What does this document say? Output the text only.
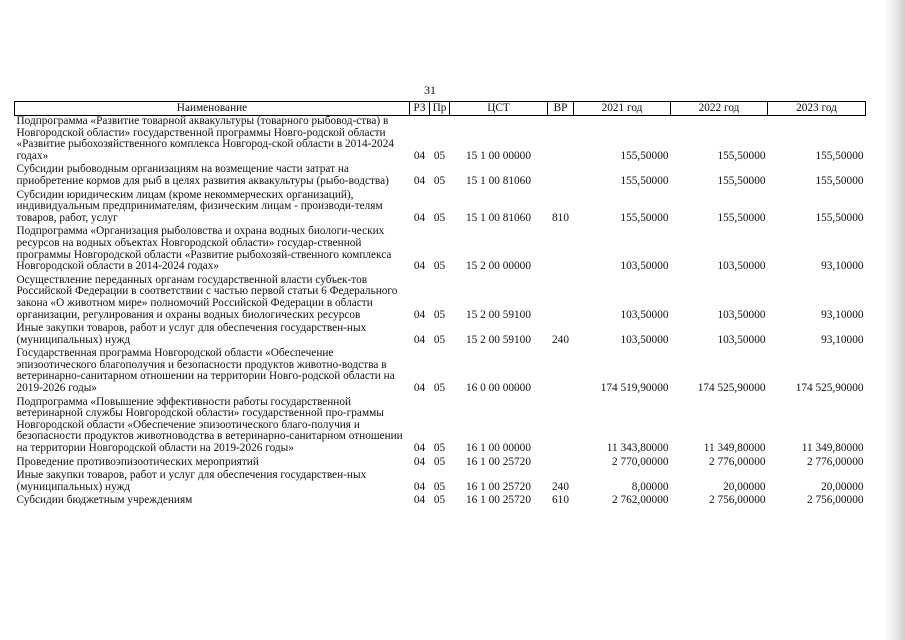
31
Наименование	РЗ	Пр	ЦСТ	ВР	2021 год	2022 год	2023 год
Подпрограмма «Развитие товарной аквакультуры (товарного рыбовод-ства) в Новгородской области» государственной программы Новго-родской области «Развитие рыбохозяйственного комплекса Новгород-ской области в 2014-2024 годах»	04	05	15 1 00 00000		155,50000	155,50000	155,50000

Субсидии рыбоводным организациям на возмещение части затрат на приобретение кормов для рыб в целях развития аквакультуры (рыбо-водства)	04	05	15 1 00 81060		155,50000	155,50000	155,50000

Субсидии юридическим лицам (кроме некоммерческих организаций), индивидуальным предпринимателям, физическим лицам - производи-телям товаров, работ, услуг	04	05	15 1 00 81060	810	155,50000	155,50000	155,50000

Подпрограмма «Организация рыболовства и охрана водных биологи-ческих ресурсов на водных объектах Новгородской области» государ-ственной программы Новгородской области «Развитие рыбохозяй-ственного комплекса Новгородской области в 2014-2024 годах»	04	05	15 2 00 00000		103,50000	103,50000	93,10000

Осуществление переданных органам государственной власти субъек-тов Российской Федерации в соответствии с частью первой статьи 6 Федерального закона «О животном мире» полномочий Российской Федерации в области организации, регулирования и охраны водных биологических ресурсов	04	05	15 2 00 59100		103,50000	103,50000	93,10000

Иные закупки товаров, работ и услуг для обеспечения государствен-ных (муниципальных) нужд	04	05	15 2 00 59100	240	103,50000	103,50000	93,10000

Государственная программа Новгородской области «Обеспечение эпизоотического благополучия и безопасности продуктов животно-водства в ветеринарно-санитарном отношении на территории Новго-родской области на 2019-2026 годы»	04	05	16 0 00 00000		174 519,90000	174 525,90000	174 525,90000

Подпрограмма «Повышение эффективности работы государственной ветеринарной службы Новгородской области» государственной про-граммы Новгородской области «Обеспечение эпизоотического благо-получия и безопасности продуктов животноводства в ветеринарно-санитарном отношении на территории Новгородской области на 2019-2026 годы»	04	05	16 1 00 00000		11 343,80000	11 349,80000	11 349,80000

Проведение противоэпизоотических мероприятий	04	05	16 1 00 25720		2 770,00000	2 776,00000	2 776,00000

Иные закупки товаров, работ и услуг для обеспечения государствен-ных (муниципальных) нужд	04	05	16 1 00 25720	240	8,00000	20,00000	20,00000

Субсидии бюджетным учреждениям	04	05	16 1 00 25720	610	2 762,00000	2 756,00000	2 756,00000
